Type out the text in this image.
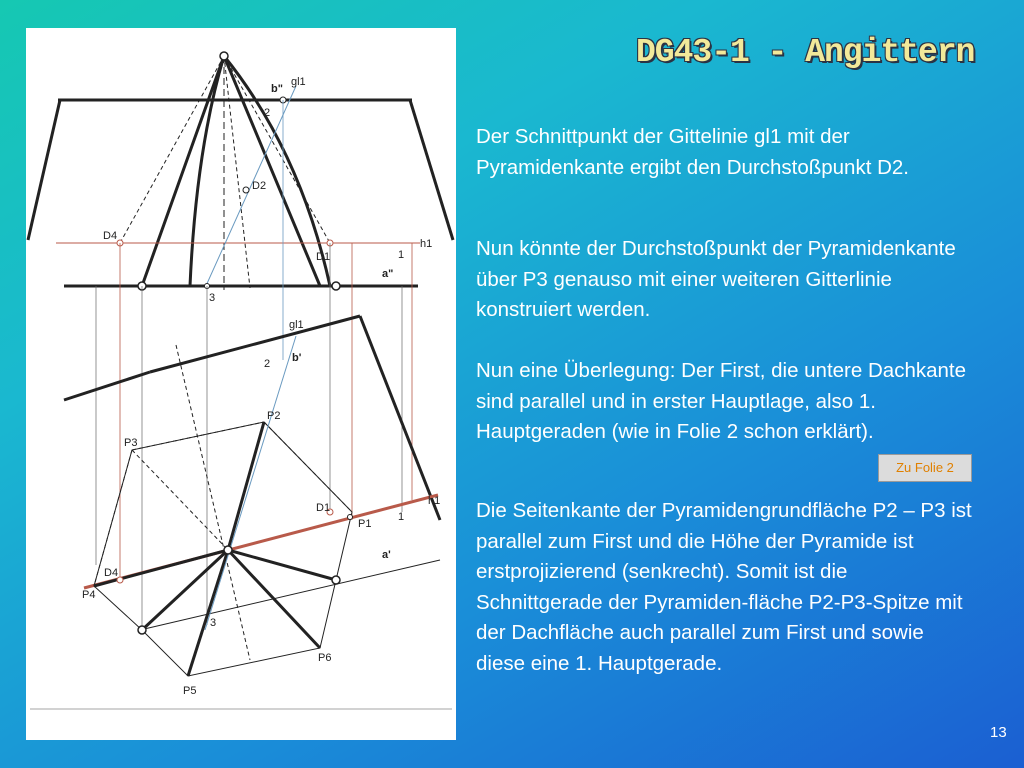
gl1
b"
2
D2
D4
D1	1
h1
a"
3
gl1
2 b'
P2
P3
D1
P1
1
h1
a'
D4
P4
3
P6
P5
DG43-1 - Angittern

Der Schnittpunkt der Gittelinie gl1 mit der Pyramidenkante ergibt den Durchstoßpunkt D2.

Nun könnte der Durchstoßpunkt der Pyramidenkante über P3 genauso mit einer weiteren Gitterlinie konstruiert werden.

Nun eine Überlegung: Der First, die untere Dachkante sind parallel und in erster Hauptlage, also 1. Hauptgeraden (wie in Folie 2 schon erklärt).

Die Seitenkante der Pyramidengrundfläche P2 – P3 ist parallel zum First und die Höhe der Pyramide ist erstprojizierend (senkrecht). Somit ist die Schnittgerade der Pyramiden-fläche P2-P3-Spitze mit der Dachfläche auch parallel zum First und sowie diese eine 1. Hauptgerade.

Zu Folie 2
13
